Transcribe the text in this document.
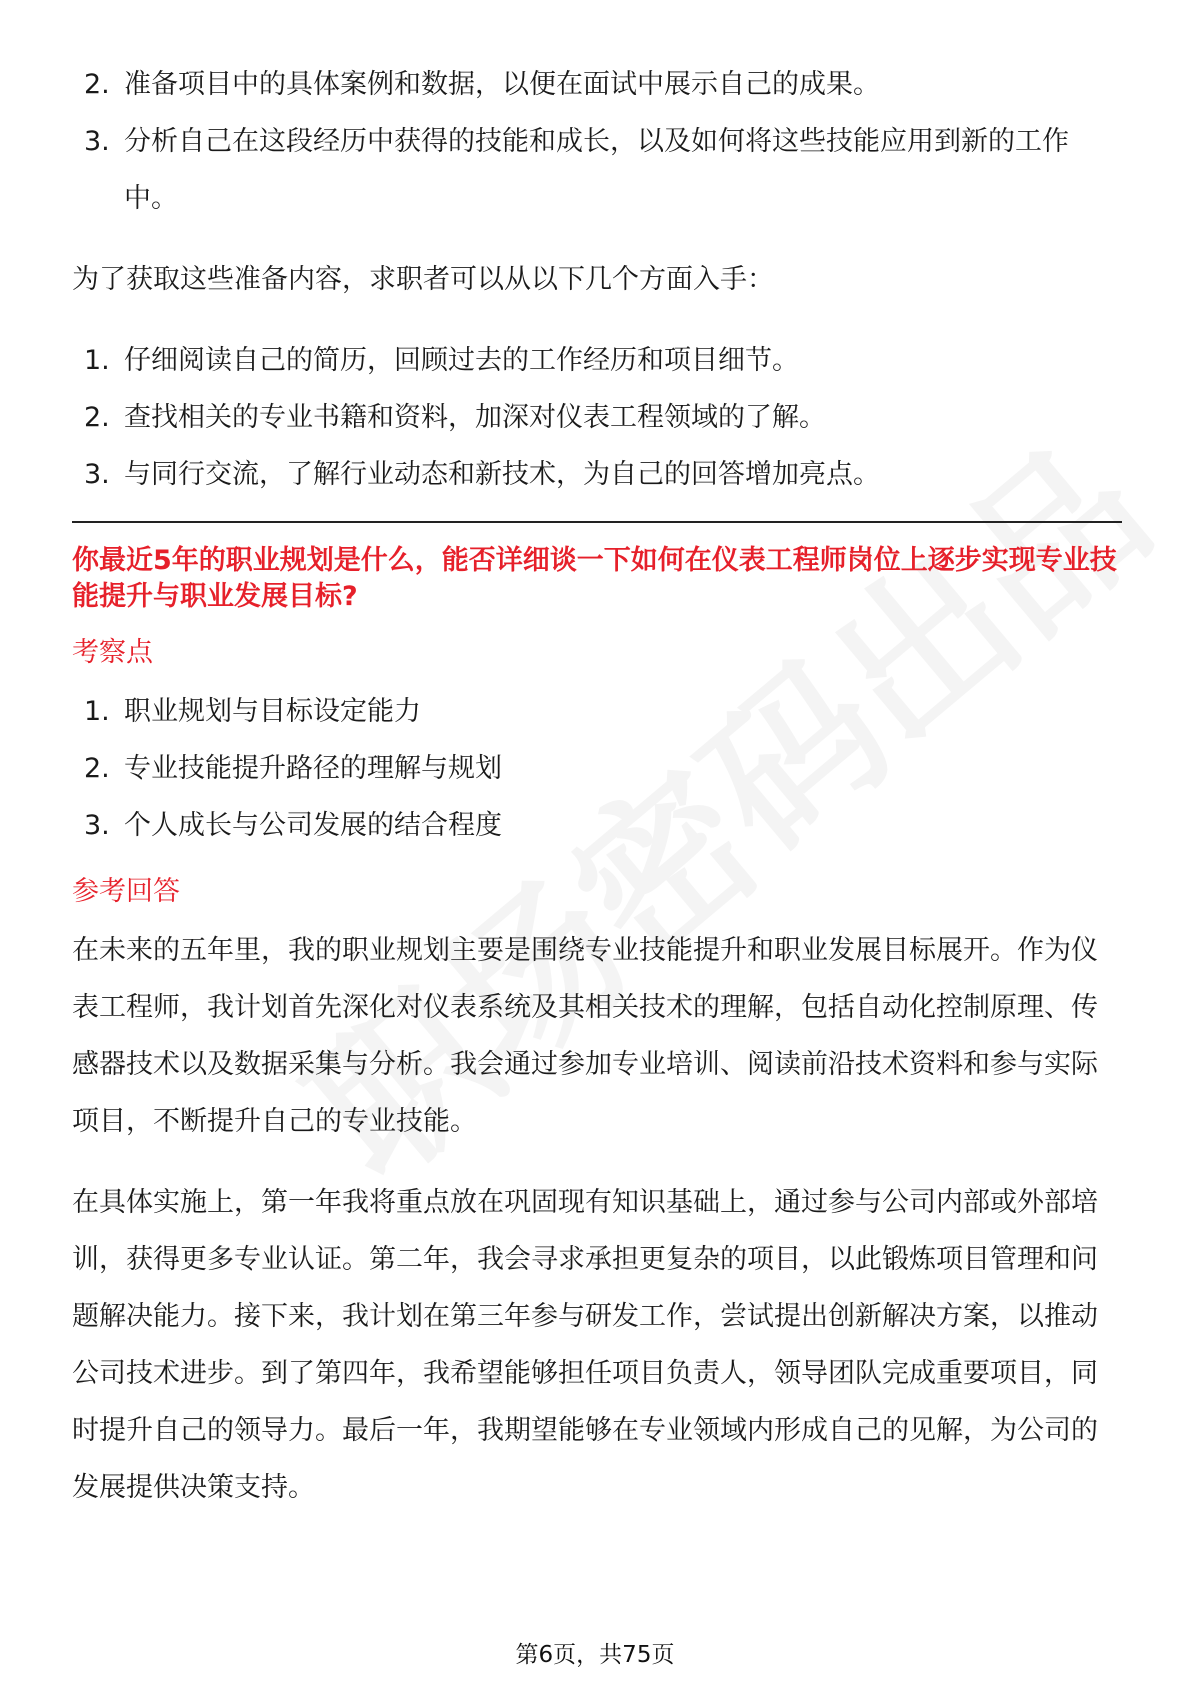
2. 准备项目中的具体案例和数据，以便在面试中展示自己的成果。
3. 分析自己在这段经历中获得的技能和成长，以及如何将这些技能应用到新的工作中。

为了获取这些准备内容，求职者可以从以下几个方面入手：

1. 仔细阅读自己的简历，回顾过去的工作经历和项目细节。
2. 查找相关的专业书籍和资料，加深对仪表工程领域的了解。
3. 与同行交流，了解行业动态和新技术，为自己的回答增加亮点。

你最近5年的职业规划是什么，能否详细谈一下如何在仪表工程师岗位上逐步实现专业技能提升与职业发展目标?

考察点
1. 职业规划与目标设定能力
2. 专业技能提升路径的理解与规划
3. 个人成长与公司发展的结合程度
参考回答

在未来的五年里，我的职业规划主要是围绕专业技能提升和职业发展目标展开。作为仪表工程师，我计划首先深化对仪表系统及其相关技术的理解，包括自动化控制原理、传感器技术以及数据采集与分析。我会通过参加专业培训、阅读前沿技术资料和参与实际项目，不断提升自己的专业技能。

在具体实施上，第一年我将重点放在巩固现有知识基础上，通过参与公司内部或外部培训，获得更多专业认证。第二年，我会寻求承担更复杂的项目，以此锻炼项目管理和问题解决能力。接下来，我计划在第三年参与研发工作，尝试提出创新解决方案，以推动公司技术进步。到了第四年，我希望能够担任项目负责人，领导团队完成重要项目，同时提升自己的领导力。最后一年，我期望能够在专业领域内形成自己的见解，为公司的发展提供决策支持。

第6页，共75页
